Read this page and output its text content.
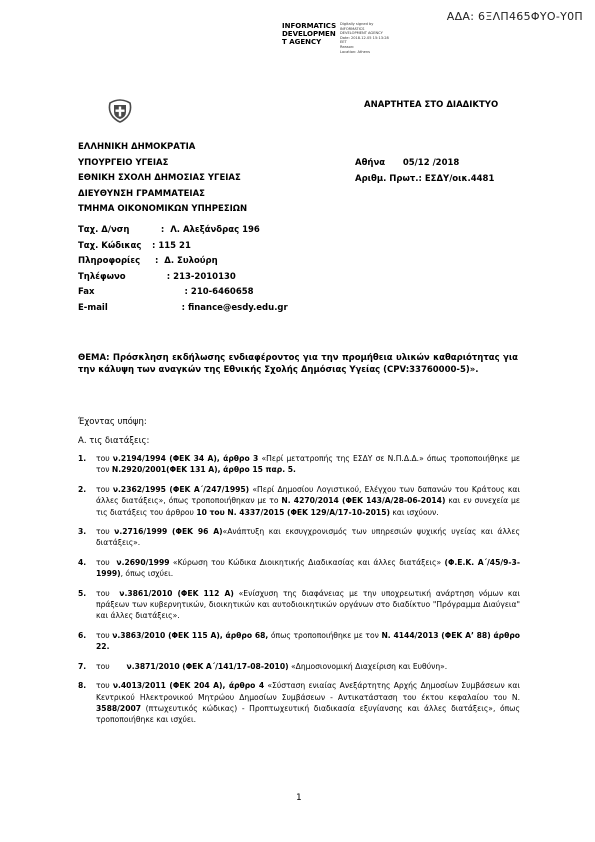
ΑΔΑ: 6ΞΛΠ465ΦΥΟ-Υ0Π
INFORMATICS
DEVELOPMEN
T AGENCY
Digitally signed by
INFORMATICS
DEVELOPMENT AGENCY
Date: 2018.12.05 15:13:28
EET
Reason:
Location: Athens
ΑΝΑΡΤΗΤΕΑ ΣΤΟ ΔΙΑΔΙΚΤΥΟ
ΕΛΛΗΝΙΚΗ ΔΗΜΟΚΡΑΤΙΑ
ΥΠΟΥΡΓΕΙΟ ΥΓΕΙΑΣ
ΕΘΝΙΚΗ ΣΧΟΛΗ ΔΗΜΟΣΙΑΣ ΥΓΕΙΑΣ
ΔΙΕΥΘΥΝΣΗ ΓΡΑΜΜΑΤΕΙΑΣ
ΤΜΗΜΑ ΟΙΚΟΝΟΜΙΚΩΝ ΥΠΗΡΕΣΙΩΝ
Αθήνα      05/12 /2018
Αριθμ. Πρωτ.: ΕΣΔΥ/οικ.4481
Ταχ. Δ/νση	:  Λ. Αλεξάνδρας 196
Ταχ. Κώδικας	: 115 21
Πληροφορίες	:  Δ. Συλούρη
Τηλέφωνο	: 213-2010130
Fax	: 210-6460658
E-mail	: finance@esdy.edu.gr
ΘΕΜΑ: Πρόσκληση εκδήλωσης ενδιαφέροντος για την προμήθεια υλικών καθαριότητας για την κάλυψη των αναγκών της Εθνικής Σχολής Δημόσιας Υγείας (CPV:33760000-5)».
Έχοντας υπόψη:
Α. τις διατάξεις:
1.	του ν.2194/1994 (ΦΕΚ 34 Α), άρθρο 3 «Περί μετατροπής της ΕΣΔΥ σε Ν.Π.Δ.Δ.» όπως τροποποιήθηκε με τον Ν.2920/2001(ΦΕΚ 131 Α), άρθρο 15 παρ. 5.
2.	του ν.2362/1995 (ΦΕΚ Α΄/247/1995) «Περί Δημοσίου Λογιστικού, Ελέγχου των δαπανών του Κράτους και άλλες διατάξεις», όπως τροποποιήθηκαν με το Ν. 4270/2014 (ΦΕΚ 143/Α/28-06-2014) και εν συνεχεία με τις διατάξεις του άρθρου 10 του Ν. 4337/2015 (ΦΕΚ 129/Α/17-10-2015) και ισχύουν.
3.	του ν.2716/1999 (ΦΕΚ 96 Α)«Ανάπτυξη και εκσυγχρονισμός των υπηρεσιών ψυχικής υγείας και άλλες διατάξεις».
4.	του  ν.2690/1999 «Κύρωση του Κώδικα Διοικητικής Διαδικασίας και άλλες διατάξεις» (Φ.Ε.Κ. Α΄/45/9-3-1999), όπως ισχύει.
5.	του  ν.3861/2010 (ΦΕΚ 112 Α) «Ενίσχυση της διαφάνειας με την υποχρεωτική ανάρτηση νόμων και πράξεων των κυβερνητικών, διοικητικών και αυτοδιοικητικών οργάνων στο διαδίκτυο "Πρόγραμμα Διαύγεια" και άλλες διατάξεις».
6.	του ν.3863/2010 (ΦΕΚ 115 Α), άρθρο 68, όπως τροποποιήθηκε με τον Ν. 4144/2013 (ΦΕΚ Α’ 88) άρθρο 22.
7.	του       ν.3871/2010 (ΦΕΚ Α΄/141/17-08-2010) «Δημοσιονομική Διαχείριση και Ευθύνη».
8.	του ν.4013/2011 (ΦΕΚ 204 Α), άρθρο 4 «Σύσταση ενιαίας Ανεξάρτητης Αρχής Δημοσίων Συμβάσεων και Κεντρικού Ηλεκτρονικού Μητρώου Δημοσίων Συμβάσεων - Αντικατάσταση του έκτου κεφαλαίου του Ν. 3588/2007 (πτωχευτικός κώδικας) - Προπτωχευτική διαδικασία εξυγίανσης και άλλες διατάξεις», όπως τροποποιήθηκε και ισχύει.
1
